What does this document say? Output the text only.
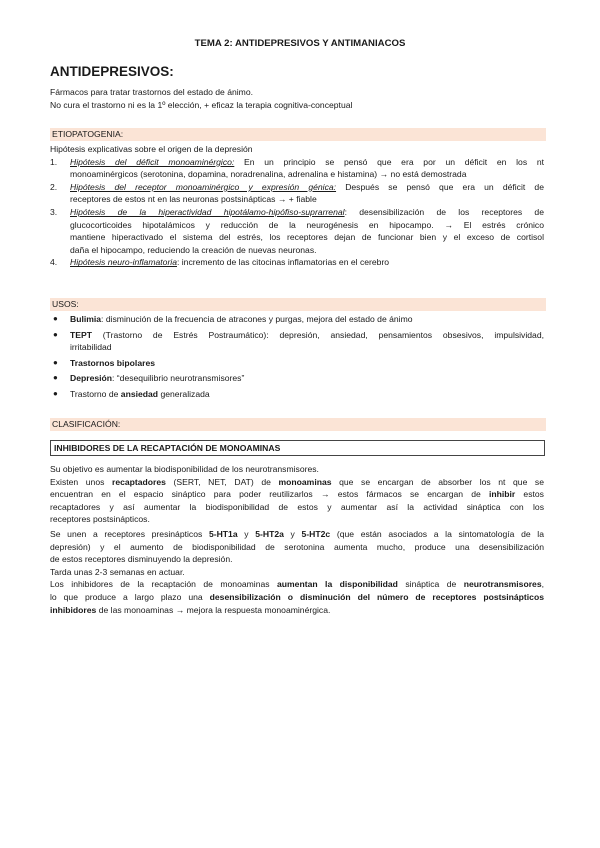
TEMA 2: ANTIDEPRESIVOS Y ANTIMANIACOS
ANTIDEPRESIVOS:
Fármacos para tratar trastornos del estado de ánimo.
No cura el trastorno ni es la 1º elección, + eficaz la terapia cognitiva-conceptual
ETIOPATOGENIA:
Hipótesis explicativas sobre el origen de la depresión
1. Hipótesis del déficit monoaminérgico: En un principio se pensó que era por un déficit en los nt
monoaminérgicos (serotonina, dopamina, noradrenalina, adrenalina e histamina) → no está demostrada
2. Hipótesis del receptor monoaminérgico y expresión génica: Después se pensó que era un déficit de
receptores de estos nt en las neuronas postsinápticas → + fiable
3. Hipótesis de la hiperactividad hipotálamo-hipófiso-suprarrenal: desensibilización de los receptores de
glucocorticoides hipotalámicos y reducción de la neurogénesis en hipocampo. → El estrés crónico
mantiene hiperactivado el sistema del estrés, los receptores dejan de funcionar bien y el exceso de cortisol
daña el hipocampo, reduciendo la creación de nuevas neuronas.
4. Hipótesis neuro-inflamatoria: incremento de las citocinas inflamatorias en el cerebro
USOS:
● Bulimia: disminución de la frecuencia de atracones y purgas, mejora del estado de ánimo
● TEPT (Trastorno de Estrés Postraumático): depresión, ansiedad, pensamientos obsesivos, impulsividad,
irritabilidad
● Trastornos bipolares
● Depresión: “desequilibrio neurotransmisores”
● Trastorno de ansiedad generalizada
CLASIFICACIÓN:
INHIBIDORES DE LA RECAPTACIÓN DE MONOAMINAS
Su objetivo es aumentar la biodisponibilidad de los neurotransmisores.
Existen unos recaptadores (SERT, NET, DAT) de monoaminas que se encargan de absorber los nt que se
encuentran en el espacio sináptico para poder reutilizarlos → estos fármacos se encargan de inhibir estos
recaptadores y así aumentar la biodisponibilidad de estos y aumentar así la actividad sináptica con los
receptores postsinápticos.
Se unen a receptores presinápticos 5-HT1a y 5-HT2a y 5-HT2c (que están asociados a la sintomatología de la
depresión) y el aumento de biodisponibilidad de serotonina aumenta mucho, produce una desensibilización
de estos receptores disminuyendo la depresión.
Tarda unas 2-3 semanas en actuar.
Los inhibidores de la recaptación de monoaminas aumentan la disponibilidad sináptica de neurotransmisores,
lo que produce a largo plazo una desensibilización o disminución del número de receptores postsinápticos
inhibidores de las monoaminas → mejora la respuesta monoaminérgica.
